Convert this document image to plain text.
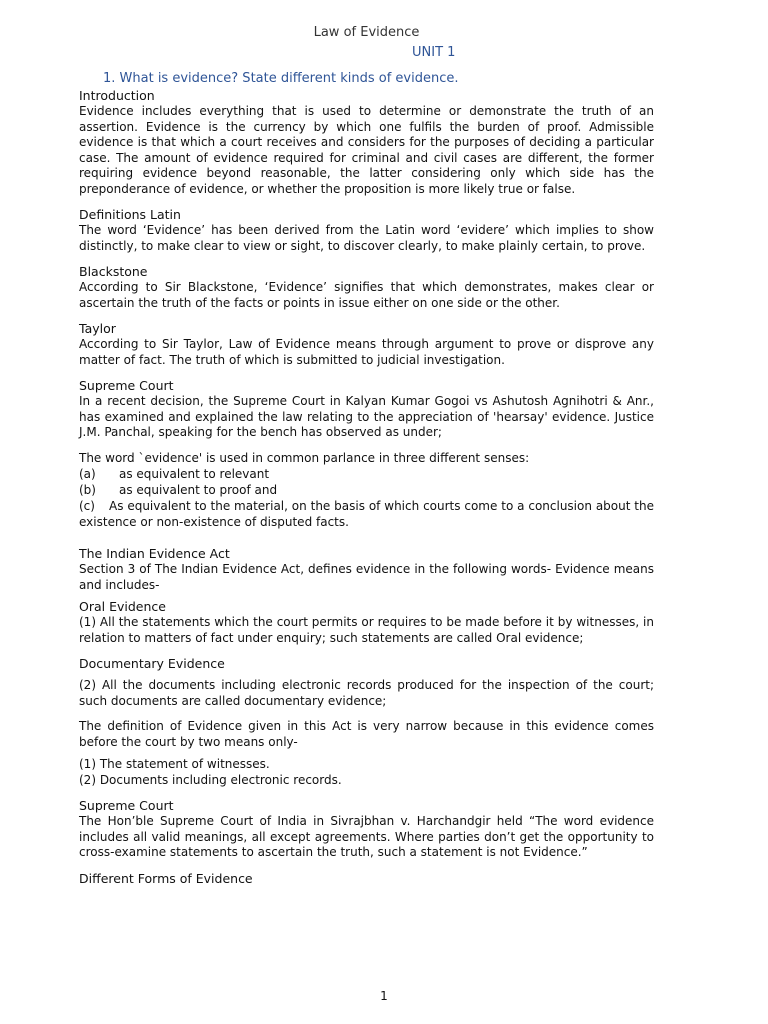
Law of Evidence
UNIT 1
1. What is evidence? State different kinds of evidence.
Introduction

Evidence includes everything that is used to determine or demonstrate the truth of an assertion. Evidence is the currency by which one fulfils the burden of proof. Admissible evidence is that which a court receives and considers for the purposes of deciding a particular case. The amount of evidence required for criminal and civil cases are different, the former requiring evidence beyond reasonable, the latter considering only which side has the preponderance of evidence, or whether the proposition is more likely true or false.

Definitions Latin

The word ‘Evidence’ has been derived from the Latin word ‘evidere’ which implies to show distinctly, to make clear to view or sight, to discover clearly, to make plainly certain, to prove.

Blackstone

According to Sir Blackstone, ‘Evidence’ signifies that which demonstrates, makes clear or ascertain the truth of the facts or points in issue either on one side or the other.

Taylor

According to Sir Taylor, Law of Evidence means through argument to prove or disprove any matter of fact. The truth of which is submitted to judicial investigation.

Supreme Court

In a recent decision, the Supreme Court in Kalyan Kumar Gogoi vs Ashutosh Agnihotri & Anr., has examined and explained the law relating to the appreciation of 'hearsay' evidence. Justice J.M. Panchal, speaking for the bench has observed as under;

The word `evidence' is used in common parlance in three different senses:

(a) as equivalent to relevant
(b) as equivalent to proof and

(c) As equivalent to the material, on the basis of which courts come to a conclusion about the existence or non-existence of disputed facts.

The Indian Evidence Act

Section 3 of The Indian Evidence Act, defines evidence in the following words- Evidence means and includes-

Oral Evidence

(1) All the statements which the court permits or requires to be made before it by witnesses, in relation to matters of fact under enquiry; such statements are called Oral evidence;

Documentary Evidence

(2) All the documents including electronic records produced for the inspection of the court; such documents are called documentary evidence;

The definition of Evidence given in this Act is very narrow because in this evidence comes before the court by two means only-

(1) The statement of witnesses.
(2) Documents including electronic records.
Supreme Court

The Hon’ble Supreme Court of India in Sivrajbhan v. Harchandgir held “The word evidence includes all valid meanings, all except agreements. Where parties don’t get the opportunity to cross-examine statements to ascertain the truth, such a statement is not Evidence.”

Different Forms of Evidence
1
